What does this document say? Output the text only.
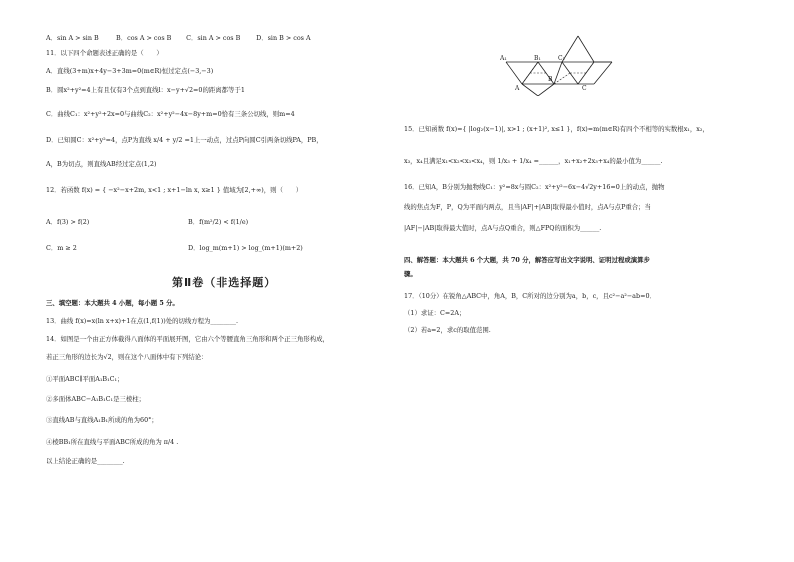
A．sin A > sin B	B．cos A > cos B C．sin A > cos B D．sin B > cos A
11．以下四个命题表述正确的是（　　）
A．直线(3+m)x+4y−3+3m=0(m∈R)恒过定点(−3,−3)
B．圆x²+y²=4上有且仅有3个点到直线l：x−y+√2=0的距离都等于1
C．曲线C₁：x²+y²+2x=0与曲线C₂：x²+y²−4x−8y+m=0恰有三条公切线，则m=4
D．已知圆C：x²+y²=4，点P为直线 x/4 + y/2 =1上一动点，过点P向圆C引两条切线PA，PB，
A，B为切点，则直线AB经过定点(1,2)
12．若函数 f(x) = { −x²−x+2m, x<1 ; x+1−ln x, x≥1 } 值域为[2,+∞)，则（　　）
A．f(3) > f(2)	B．f(m²/2) < f(1/e)
C．m ≥ 2	D．log_m(m+1) > log_(m+1)(m+2)
第Ⅱ卷（非选择题）
三、填空题：本大题共 4 小题，每小题 5 分。
13．曲线 f(x)=x(ln x+x)+1在点(1,f(1))处的切线方程为________.
14．如图是一个由正方体截得八面体的平面展开图，它由六个等腰直角三角形和两个正三角形构成，
若正三角形的边长为√2，则在这个八面体中有下列结论：
①平面ABC∥平面A₁B₁C₁；
②多面体ABC−A₁B₁C₁是三棱柱；
③直线AB与直线A₁B₁所成的角为60°；
④棱BB₁所在直线与平面ABC所成的角为 π/4 .
以上结论正确的是________.
A₁	B₁	C₁
A
B
C
15．已知函数 f(x)={ |log₂(x−1)|, x>1 ; (x+1)², x≤1 }，f(x)=m(m∈R)有四个不相等的实数根x₁，x₂，
x₃，x₄且满足x₁<x₂<x₃<x₄，则 1/x₃ + 1/x₄ =______，x₁+x₂+2x₃+x₄的最小值为______.
16．已知A，B分别为抛物线C₁：y²=8x与圆C₂：x²+y²−6x−4√2y+16=0上的动点，抛物
线的焦点为F，P，Q为平面内两点，且当|AF|+|AB|取得最小值时，点A与点P重合；当
|AF|−|AB|取得最大值时，点A与点Q重合，则△FPQ的面积为______.
四、解答题：本大题共 6 个大题，共 70 分，解答应写出文字说明、证明过程或演算步
骤。
17．（10分）在锐角△ABC中，角A，B，C所对的边分别为a，b，c，且c²−a²−ab=0．
（1）求证：C=2A；
（2）若a=2，求c的取值范围.
